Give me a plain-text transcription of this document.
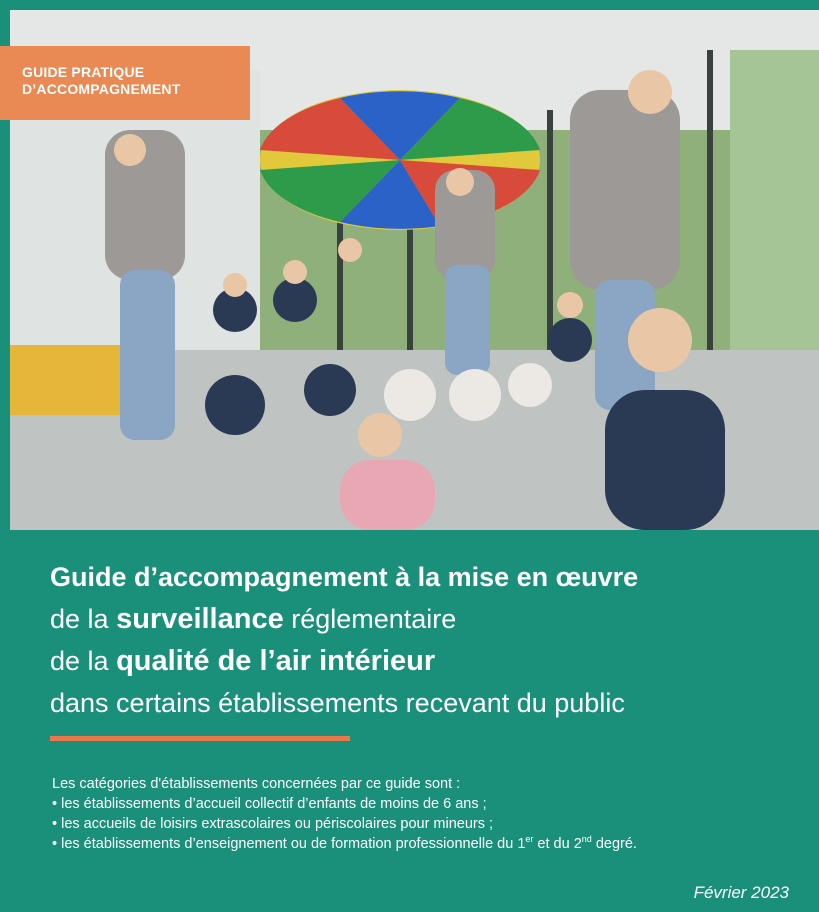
GUIDE PRATIQUE
D’ACCOMPAGNEMENT
Guide d’accompagnement à la mise en œuvre
de la surveillance réglementaire
de la qualité de l’air intérieur
dans certains établissements recevant du public
Les catégories d'établissements concernées par ce guide sont :
• les établissements d’accueil collectif d’enfants de moins de 6 ans ;
• les accueils de loisirs extrascolaires ou périscolaires pour mineurs ;
• les établissements d’enseignement ou de formation professionnelle du 1er et du 2nd degré.
Février 2023
